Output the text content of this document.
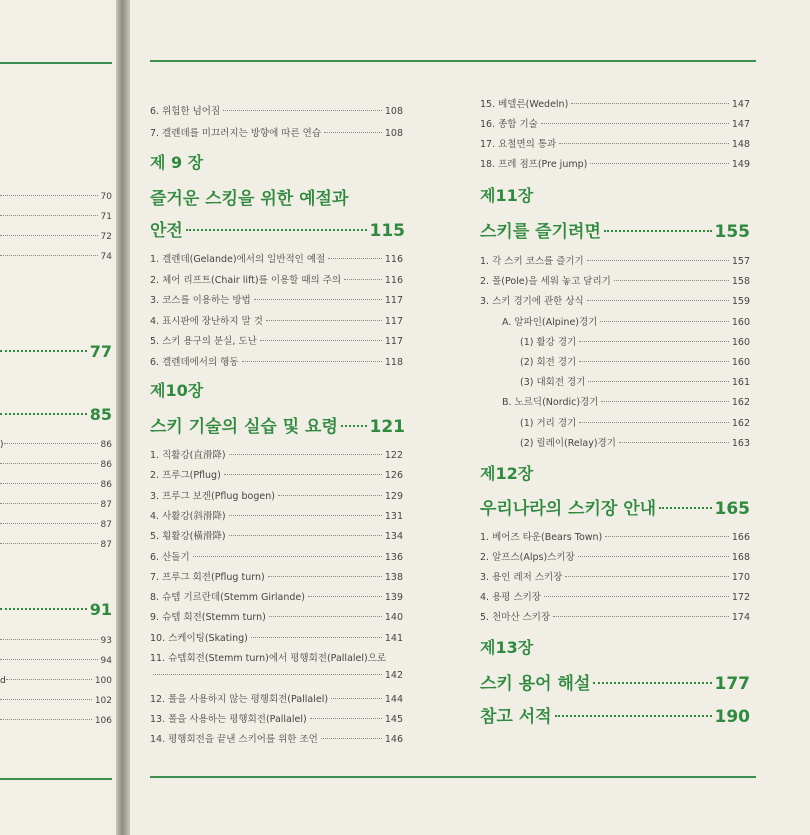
70
71
72
74
77
85
)	86
86
86
87
87
87
91
93
94
d	100
102
106
6. 위험한 넘어짐	108
7. 겔렌데를 미끄러지는 방향에 따른 연습	108
제 9 장
즐거운 스킹을 위한 예절과
안전	115
1. 겔렌데(Gelande)에서의 일반적인 예절	116
2. 체어 리프트(Chair lift)를 이용할 때의 주의	116
3. 코스를 이용하는 방법	117
4. 표시판에 장난하지 말 것	117
5. 스키 용구의 분실, 도난	117
6. 겔렌데에서의 행동	118
제10장
스키 기술의 실습 및 요령 121
1. 직활강(直滑降)	122
2. 프루그(Pflug)	126
3. 프루그 보겐(Pflug bogen)	129
4. 사활강(斜滑降)	131
5. 횡활강(橫滑降)	134
6. 산돌기	136
7. 프루그 회전(Pflug turn)	138
8. 슈템 기르란데(Stemm Girlande)	139
9. 슈템 회전(Stemm turn)	140
10. 스케이팅(Skating)	141
11. 슈템회전(Stemm turn)에서 평행회전(Pallalel)으로
142
12. 폴을 사용하지 않는 평행회전(Pallalel)	144
13. 폴을 사용하는 평행회전(Pallalel)	145
14. 평행회전을 끝낸 스키어를 위한 조언	146
15. 베델른(Wedeln)	147
16. 종합 기술	147
17. 요철면의 통과	148
18. 프레 점프(Pre jump)	149
제11장
스키를 즐기려면	155
1. 각 스키 코스를 즐기기	157
2. 폴(Pole)을 세워 놓고 달리기	158
3. 스키 경기에 관한 상식	159
A. 알파인(Alpine)경기	160
(1) 활강 경기	160
(2) 회전 경기	160
(3) 대회전 경기	161
B. 노르딕(Nordic)경기	162
(1) 거리 경기	162
(2) 릴레이(Relay)경기	163
제12장
우리나라의 스키장 안내	165
1. 베어즈 타운(Bears Town)	166
2. 알프스(Alps)스키장	168
3. 용인 레저 스키장	170
4. 용평 스키장	172
5. 천마산 스키장	174
제13장
스키 용어 해설	177
참고 서적	190
